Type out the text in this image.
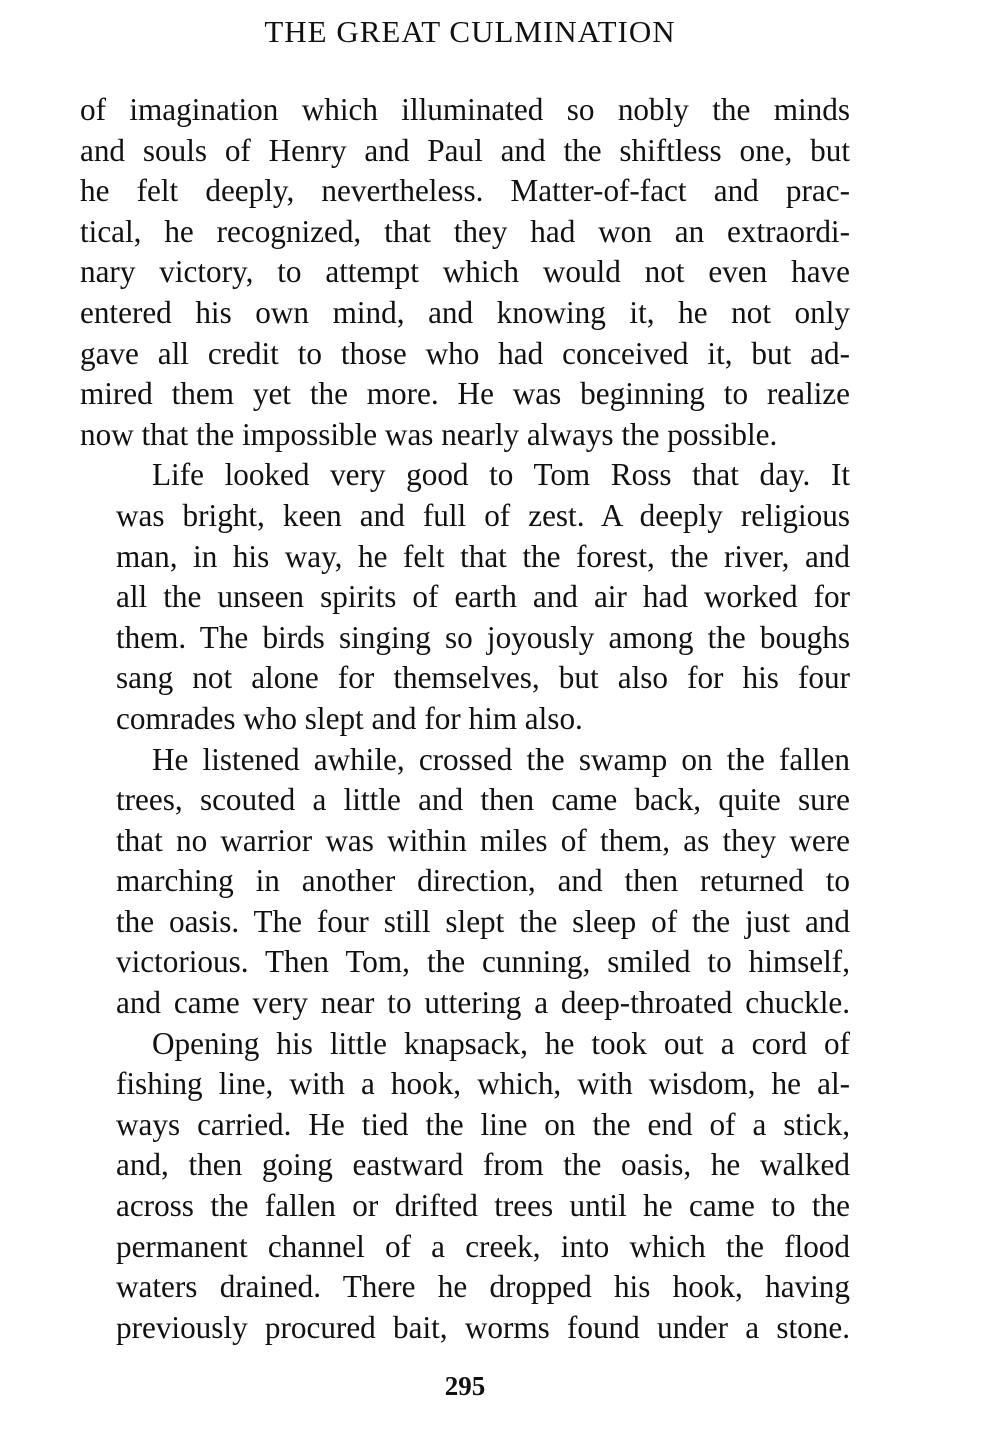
THE GREAT CULMINATION

of imagination which illuminated so nobly the minds
and souls of Henry and Paul and the shiftless one, but
he felt deeply, nevertheless. Matter-of-fact and prac-
tical, he recognized, that they had won an extraordi-
nary victory, to attempt which would not even have
entered his own mind, and knowing it, he not only
gave all credit to those who had conceived it, but ad-
mired them yet the more. He was beginning to realize
now that the impossible was nearly always the possible.

Life looked very good to Tom Ross that day. It
was bright, keen and full of zest. A deeply religious
man, in his way, he felt that the forest, the river, and
all the unseen spirits of earth and air had worked for
them. The birds singing so joyously among the boughs
sang not alone for themselves, but also for his four
comrades who slept and for him also.

He listened awhile, crossed the swamp on the fallen
trees, scouted a little and then came back, quite sure
that no warrior was within miles of them, as they were
marching in another direction, and then returned to
the oasis. The four still slept the sleep of the just and
victorious. Then Tom, the cunning, smiled to himself,
and came very near to uttering a deep-throated chuckle.

Opening his little knapsack, he took out a cord of
fishing line, with a hook, which, with wisdom, he al-
ways carried. He tied the line on the end of a stick,
and, then going eastward from the oasis, he walked
across the fallen or drifted trees until he came to the
permanent channel of a creek, into which the flood
waters drained. There he dropped his hook, having
previously procured bait, worms found under a stone.

295
